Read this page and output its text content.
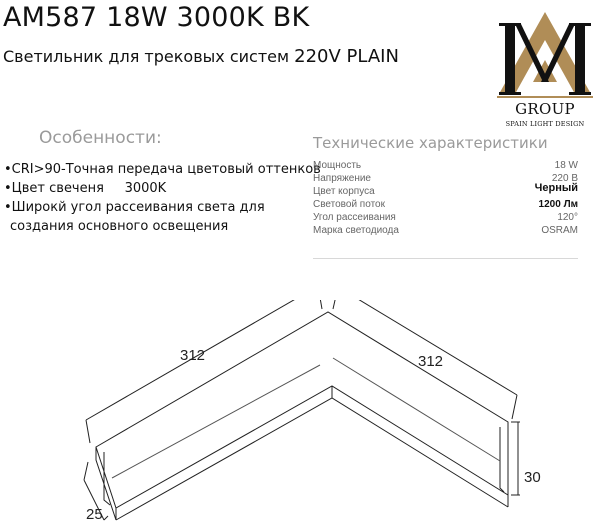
AM587 18W 3000K BK
Светильник для трековых систем 220V PLAIN
GROUP
SPAIN LIGHT DESIGN
Особенности:
•CRI>90-Точная передача цветовый оттенков
•Цвет свеченя     3000K
•Широкй угол рассеивания света для
создания основного освещения
Технические характеристики
Мощность	18 W
Напряжение	220 В
Цвет корпуса	Черный
Световой поток	1200 Лм
Угол рассеивания	120°
Марка светодиода	OSRAM
312	312
30
25
